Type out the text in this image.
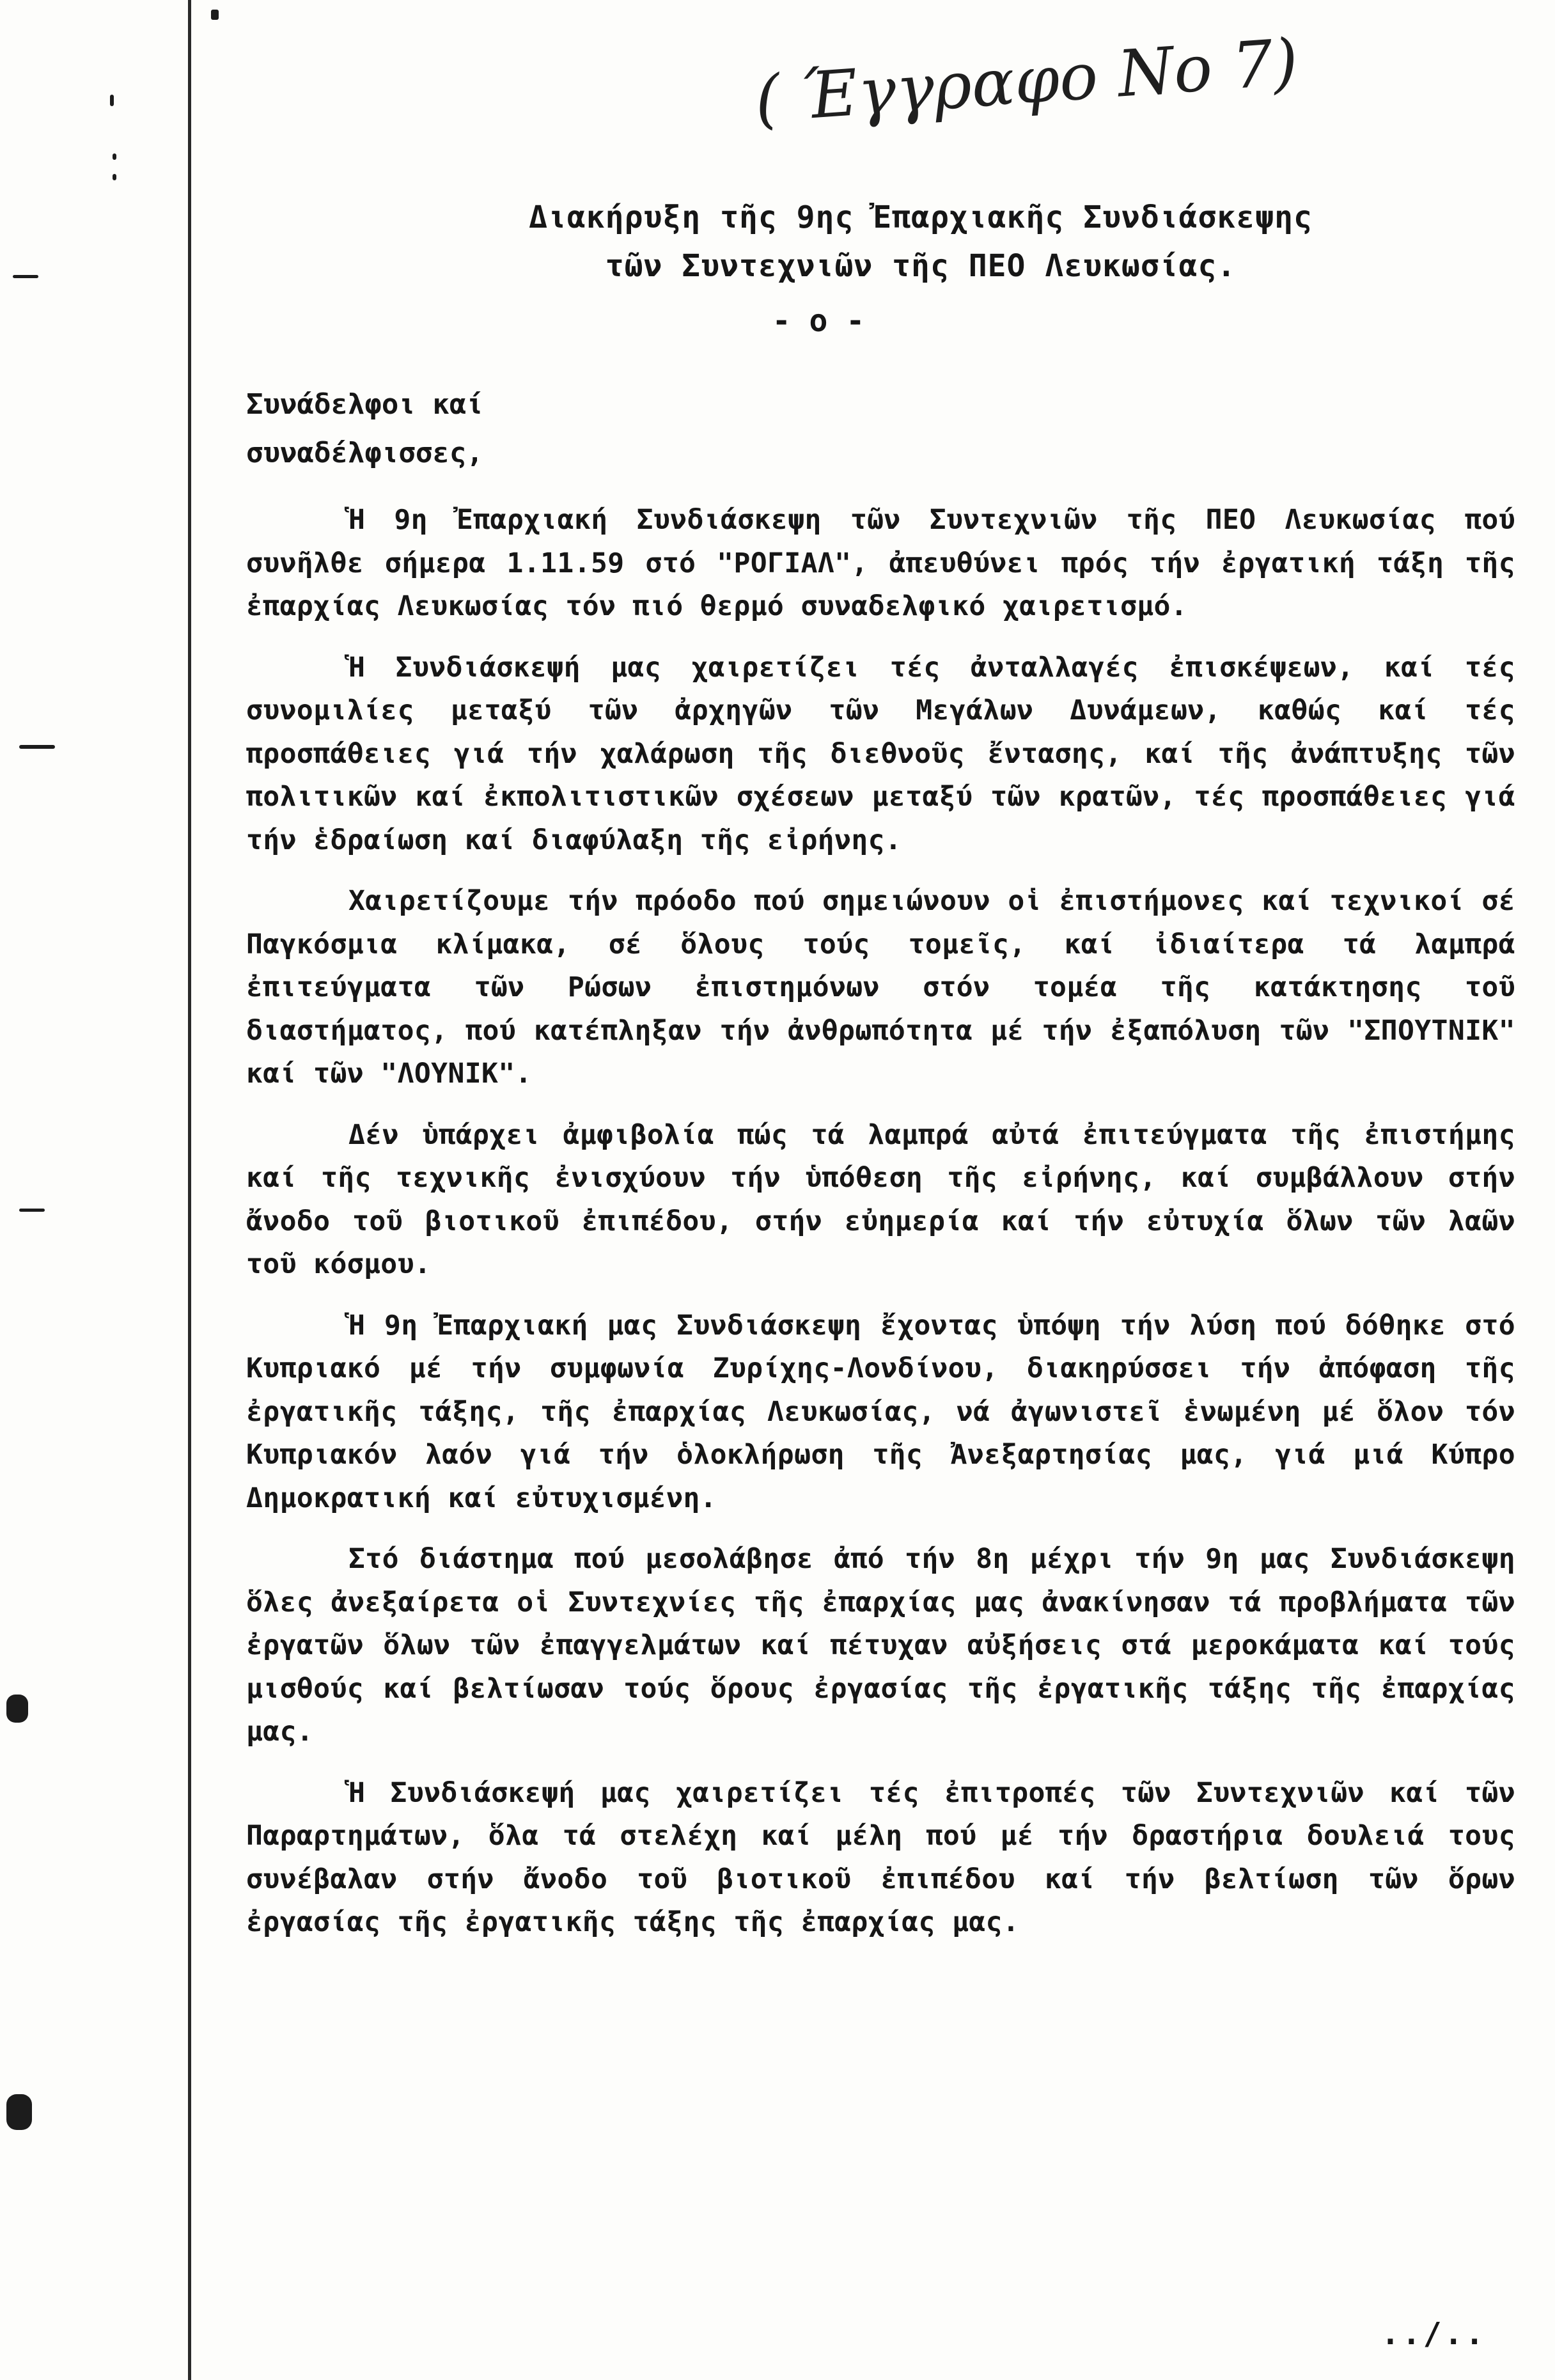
( Έγγραφο Νο 7)
Διακήρυξη τῆς 9ης Ἐπαρχιακῆς Συνδιάσκεψης
τῶν Συντεχνιῶν τῆς ΠΕΟ Λευκωσίας.
- ο -
Συνάδελφοι καί
συναδέλφισσες,

Ἡ 9η Ἐπαρχιακή Συνδιάσκεψη τῶν Συντεχνιῶν τῆς ΠΕΟ Λευκωσίας πού συνῆλθε σήμερα 1.11.59 στό "ΡΟΓΙΑΛ", ἀπευθύνει πρός τήν ἐργατική τάξη τῆς ἐπαρχίας Λευκωσίας τόν πιό θερμό συναδελφικό χαιρετισμό.

Ἡ Συνδιάσκεψή μας χαιρετίζει τές ἀνταλλαγές ἐπισκέψεων, καί τές συνομιλίες μεταξύ τῶν ἀρχηγῶν τῶν Μεγάλων Δυνάμεων, καθώς καί τές προσπάθειες γιά τήν χαλάρωση τῆς διεθνοῦς ἔντασης, καί τῆς ἀνάπτυξης τῶν πολιτικῶν καί ἐκπολιτιστικῶν σχέσεων μεταξύ τῶν κρατῶν, τές προσπάθειες γιά τήν ἑδραίωση καί διαφύλαξη τῆς εἰρήνης.

Χαιρετίζουμε τήν πρόοδο πού σημειώνουν οἱ ἐπιστήμονες καί τεχνικοί σέ Παγκόσμια κλίμακα, σέ ὅλους τούς τομεῖς, καί ἰδιαίτερα τά λαμπρά ἐπιτεύγματα τῶν Ρώσων ἐπιστημόνων στόν τομέα τῆς κατάκτησης τοῦ διαστήματος, πού κατέπληξαν τήν ἀνθρωπότητα μέ τήν ἐξαπόλυση τῶν "ΣΠΟΥΤΝΙΚ" καί τῶν "ΛΟΥΝΙΚ".

Δέν ὑπάρχει ἀμφιβολία πώς τά λαμπρά αὐτά ἐπιτεύγματα τῆς ἐπιστήμης καί τῆς τεχνικῆς ἐνισχύουν τήν ὑπόθεση τῆς εἰρήνης, καί συμβάλλουν στήν ἄνοδο τοῦ βιοτικοῦ ἐπιπέδου, στήν εὐημερία καί τήν εὐτυχία ὅλων τῶν λαῶν τοῦ κόσμου.

Ἡ 9η Ἐπαρχιακή μας Συνδιάσκεψη ἔχοντας ὑπόψη τήν λύση πού δόθηκε στό Κυπριακό μέ τήν συμφωνία Ζυρίχης-Λονδίνου, διακηρύσσει τήν ἀπόφαση τῆς ἐργατικῆς τάξης, τῆς ἐπαρχίας Λευκωσίας, νά ἀγωνιστεῖ ἑνωμένη μέ ὅλον τόν Κυπριακόν λαόν γιά τήν ὁλοκλήρωση τῆς Ἀνεξαρτησίας μας, γιά μιά Κύπρο Δημοκρατική καί εὐτυχισμένη.

Στό διάστημα πού μεσολάβησε ἀπό τήν 8η μέχρι τήν 9η μας Συνδιάσκεψη ὅλες ἀνεξαίρετα οἱ Συντεχνίες τῆς ἐπαρχίας μας ἀνακίνησαν τά προβλήματα τῶν ἐργατῶν ὅλων τῶν ἐπαγγελμάτων καί πέτυχαν αὐξήσεις στά μεροκάματα καί τούς μισθούς καί βελτίωσαν τούς ὅρους ἐργασίας τῆς ἐργατικῆς τάξης τῆς ἐπαρχίας μας.

Ἡ Συνδιάσκεψή μας χαιρετίζει τές ἐπιτροπές τῶν Συντεχνιῶν καί τῶν Παραρτημάτων, ὅλα τά στελέχη καί μέλη πού μέ τήν δραστήρια δουλειά τους συνέβαλαν στήν ἄνοδο τοῦ βιοτικοῦ ἐπιπέδου καί τήν βελτίωση τῶν ὅρων ἐργασίας τῆς ἐργατικῆς τάξης τῆς ἐπαρχίας μας.

../..
